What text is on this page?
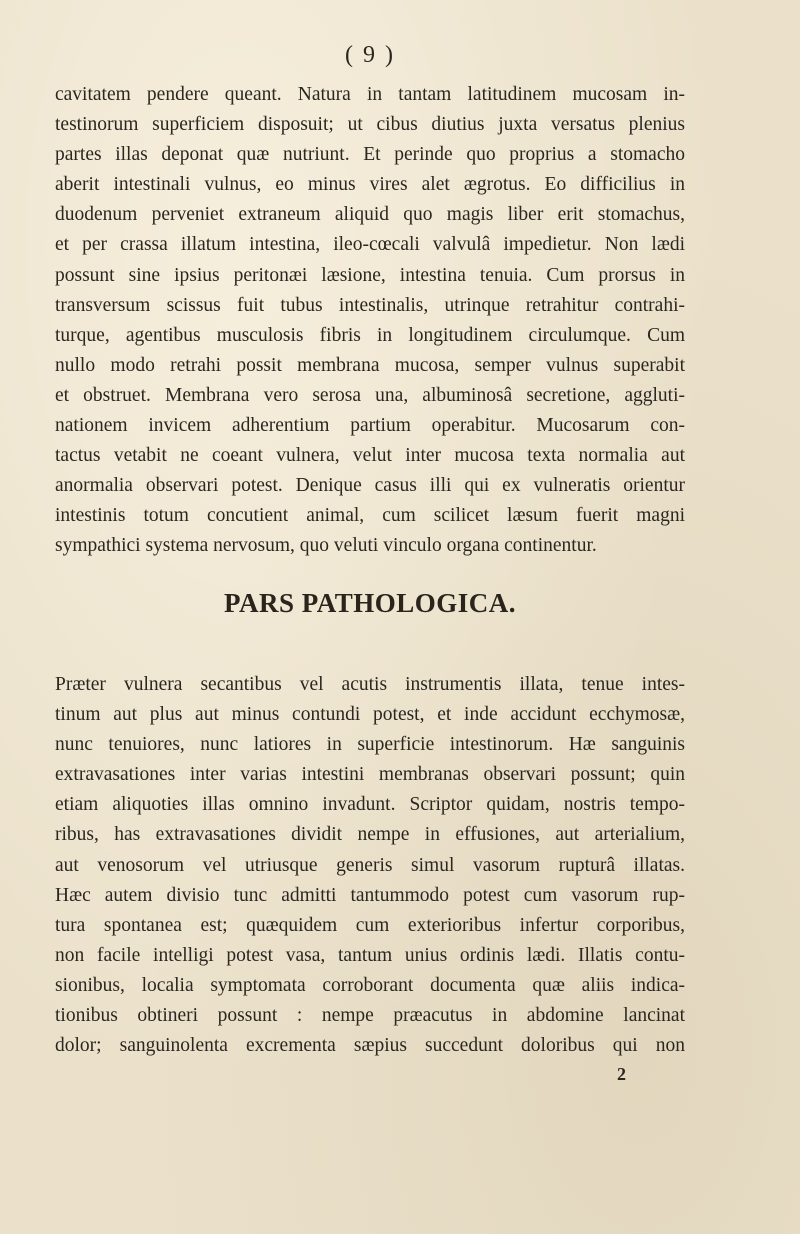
( 9 )
cavitatem pendere queant. Natura in tantam latitudinem mucosam in-
testinorum superficiem disposuit; ut cibus diutius juxta versatus plenius
partes illas deponat quæ nutriunt. Et perinde quo proprius a stomacho
aberit intestinali vulnus, eo minus vires alet ægrotus. Eo difficilius in
duodenum perveniet extraneum aliquid quo magis liber erit stomachus,
et per crassa illatum intestina, ileo-cœcali valvulâ impedietur. Non lædi
possunt sine ipsius peritonæi læsione, intestina tenuia. Cum prorsus in
transversum scissus fuit tubus intestinalis, utrinque retrahitur contrahi-
turque, agentibus musculosis fibris in longitudinem circulumque. Cum
nullo modo retrahi possit membrana mucosa, semper vulnus superabit
et obstruet. Membrana vero serosa una, albuminosâ secretione, aggluti-
nationem invicem adherentium partium operabitur. Mucosarum con-
tactus vetabit ne coeant vulnera, velut inter mucosa texta normalia aut
anormalia observari potest. Denique casus illi qui ex vulneratis orientur
intestinis totum concutient animal, cum scilicet læsum fuerit magni
sympathici systema nervosum, quo veluti vinculo organa continentur.
PARS PATHOLOGICA.
Præter vulnera secantibus vel acutis instrumentis illata, tenue intes-
tinum aut plus aut minus contundi potest, et inde accidunt ecchymosæ,
nunc tenuiores, nunc latiores in superficie intestinorum. Hæ sanguinis
extravasationes inter varias intestini membranas observari possunt; quin
etiam aliquoties illas omnino invadunt. Scriptor quidam, nostris tempo-
ribus, has extravasationes dividit nempe in effusiones, aut arterialium,
aut venosorum vel utriusque generis simul vasorum rupturâ illatas.
Hæc autem divisio tunc admitti tantummodo potest cum vasorum rup-
tura spontanea est; quæquidem cum exterioribus infertur corporibus,
non facile intelligi potest vasa, tantum unius ordinis lædi. Illatis contu-
sionibus, localia symptomata corroborant documenta quæ aliis indica-
tionibus obtineri possunt : nempe præacutus in abdomine lancinat
dolor; sanguinolenta excrementa sæpius succedunt doloribus qui non
2
